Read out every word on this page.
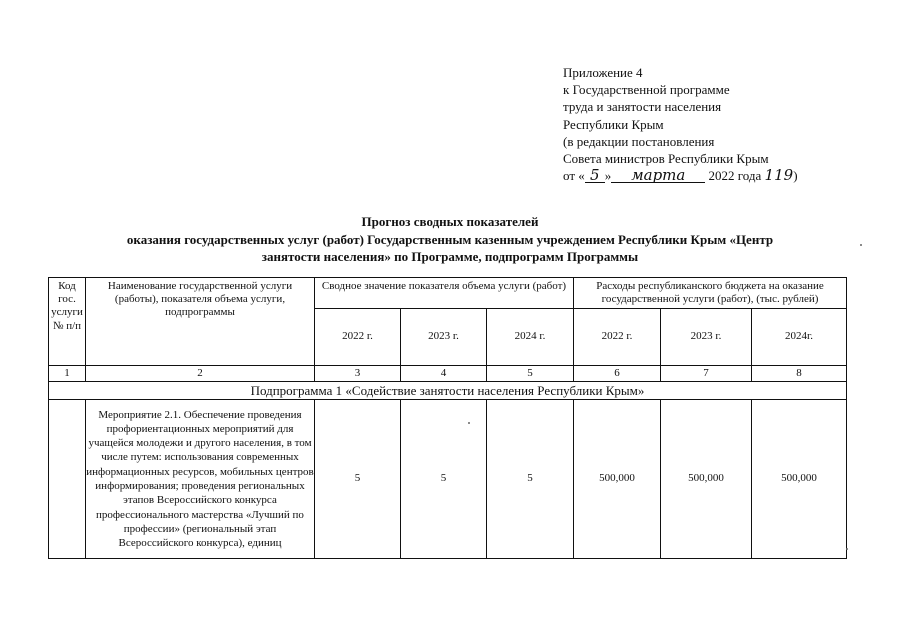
Приложение 4
к Государственной программе
труда и занятости населения
Республики Крым
(в редакции постановления
Совета министров Республики Крым
от « 5 » марта 2022 года 119)
Прогноз сводных показателей
оказания государственных услуг (работ) Государственным казенным учреждением Республики Крым «Центр
занятости населения» по Программе, подпрограмм Программы
Код гос. услуги № п/п	Наименование государственной услуги (работы), показателя объема услуги, подпрограммы	Сводное значение показателя объема услуги (работ)			Расходы республиканского бюджета на оказание государственной услуги (работ), (тыс. рублей)		
		2022 г.	2023 г.	2024 г.	2022 г.	2023 г.	2024г.
1	2	3	4	5	6	7	8
Подпрограмма 1 «Содействие занятости населения Республики Крым»							
	Мероприятие 2.1. Обеспечение проведения профориентационных мероприятий для учащейся молодежи и другого населения, в том числе путем: использования современных информационных ресурсов, мобильных центров информирования; проведения региональных этапов Всероссийского конкурса профессионального мастерства «Лучший по профессии» (региональный этап Всероссийского конкурса), единиц	5	5	5	500,000	500,000	500,000
